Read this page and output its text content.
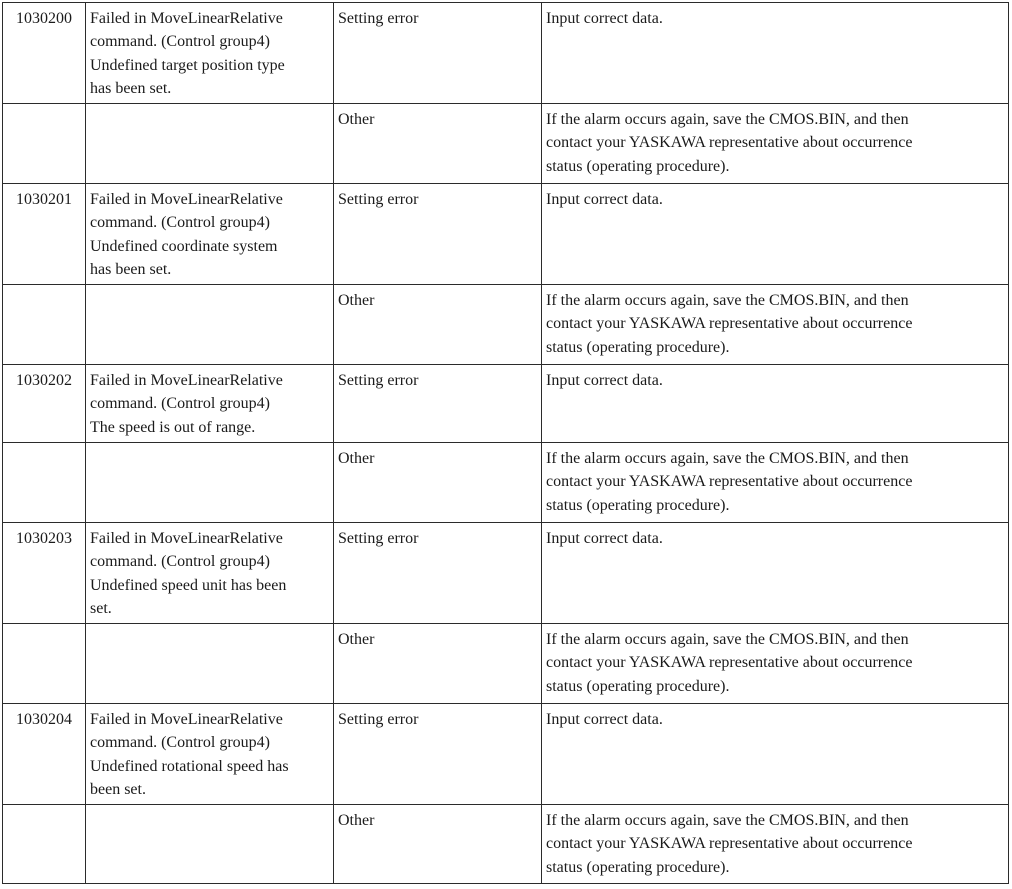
1030200	Failed in MoveLinearRelative
command. (Control group4)
Undefined target position type
has been set.	Setting error	Input correct data.

		Other	If the alarm occurs again, save the CMOS.BIN, and then
contact your YASKAWA representative about occurrence
status (operating procedure).

1030201	Failed in MoveLinearRelative
command. (Control group4)
Undefined coordinate system
has been set.	Setting error	Input correct data.

		Other	If the alarm occurs again, save the CMOS.BIN, and then
contact your YASKAWA representative about occurrence
status (operating procedure).

1030202	Failed in MoveLinearRelative
command. (Control group4)
The speed is out of range.	Setting error	Input correct data.

		Other	If the alarm occurs again, save the CMOS.BIN, and then
contact your YASKAWA representative about occurrence
status (operating procedure).

1030203	Failed in MoveLinearRelative
command. (Control group4)
Undefined speed unit has been
set.	Setting error	Input correct data.

		Other	If the alarm occurs again, save the CMOS.BIN, and then
contact your YASKAWA representative about occurrence
status (operating procedure).

1030204	Failed in MoveLinearRelative
command. (Control group4)
Undefined rotational speed has
been set.	Setting error	Input correct data.

		Other	If the alarm occurs again, save the CMOS.BIN, and then
contact your YASKAWA representative about occurrence
status (operating procedure).
